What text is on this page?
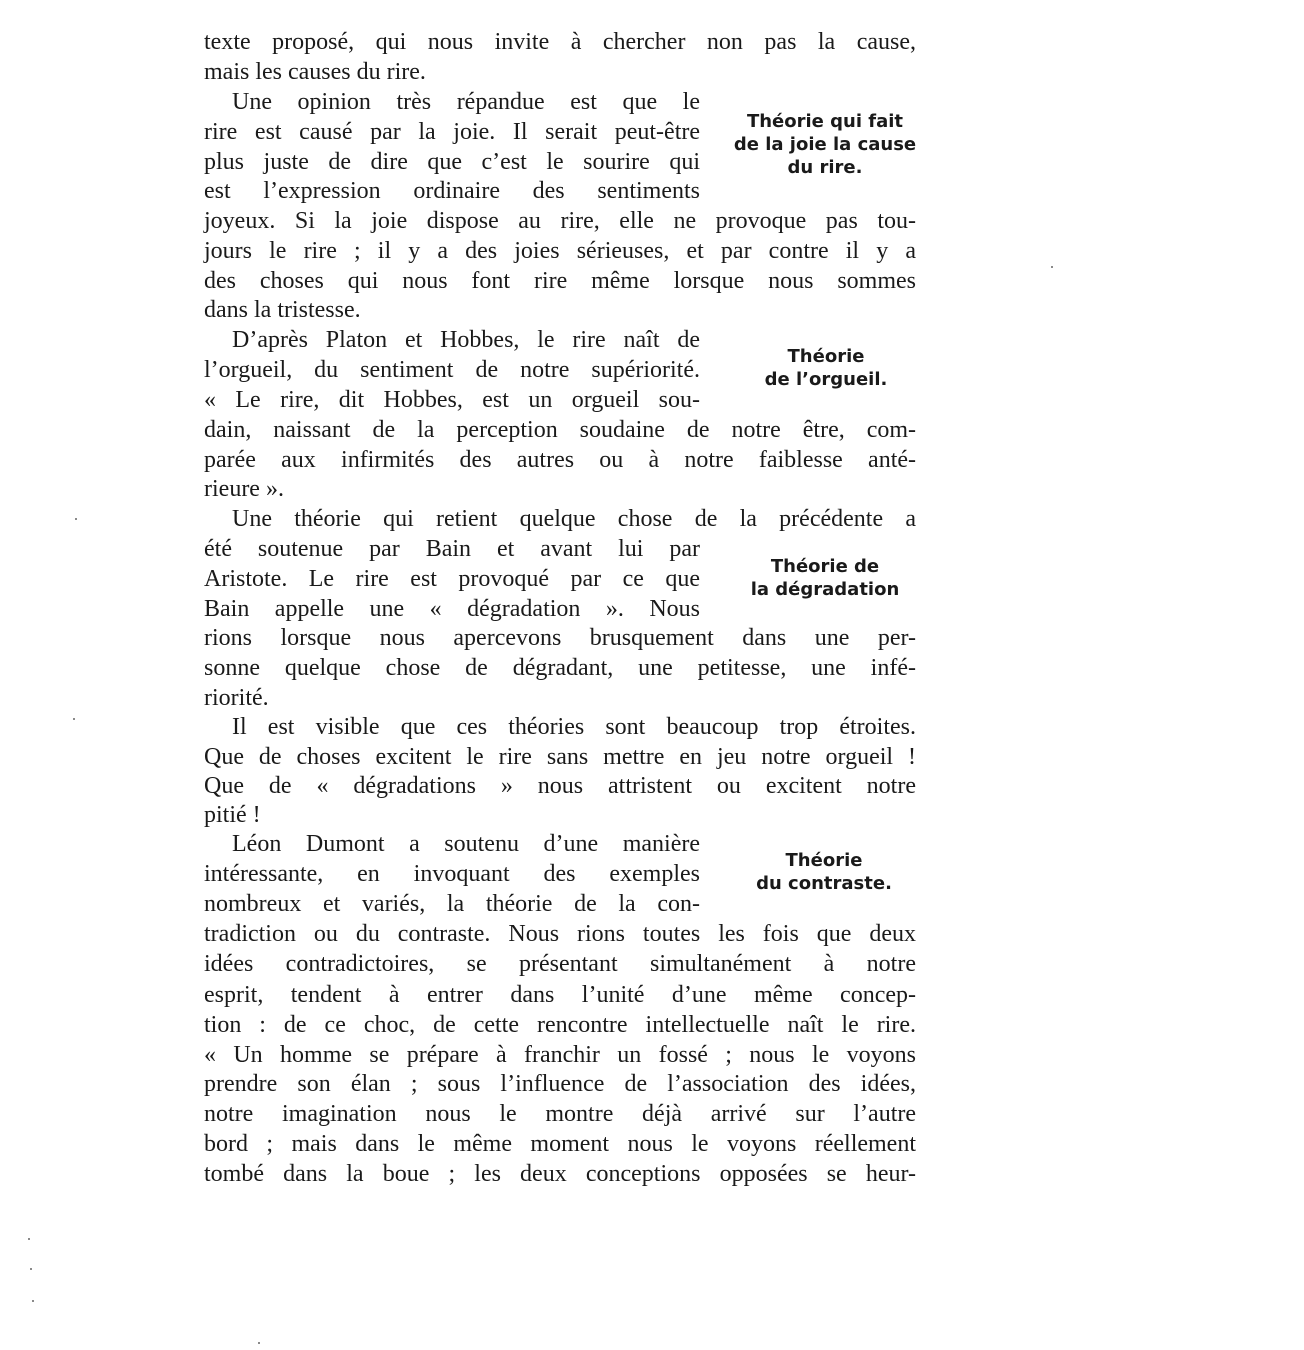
texte proposé, qui nous invite à chercher non pas la cause,
mais les causes du rire.
Une opinion très répandue est que le
rire est causé par la joie. Il serait peut-être
plus juste de dire que c’est le sourire qui
est l’expression ordinaire des sentiments
joyeux. Si la joie dispose au rire, elle ne provoque pas tou-
jours le rire ; il y a des joies sérieuses, et par contre il y a
des choses qui nous font rire même lorsque nous sommes
dans la tristesse.
D’après Platon et Hobbes, le rire naît de
l’orgueil, du sentiment de notre supériorité.
« Le rire, dit Hobbes, est un orgueil sou-
dain, naissant de la perception soudaine de notre être, com-
parée aux infirmités des autres ou à notre faiblesse anté-
rieure ».
Une théorie qui retient quelque chose de la précédente a
été soutenue par Bain et avant lui par
Aristote. Le rire est provoqué par ce que
Bain appelle une « dégradation ». Nous
rions lorsque nous apercevons brusquement dans une per-
sonne quelque chose de dégradant, une petitesse, une infé-
riorité.
Il est visible que ces théories sont beaucoup trop étroites.
Que de choses excitent le rire sans mettre en jeu notre orgueil !
Que de « dégradations » nous attristent ou excitent notre
pitié !
Léon Dumont a soutenu d’une manière
intéressante, en invoquant des exemples
nombreux et variés, la théorie de la con-
tradiction ou du contraste. Nous rions toutes les fois que deux
idées contradictoires, se présentant simultanément à notre
esprit, tendent à entrer dans l’unité d’une même concep-
tion : de ce choc, de cette rencontre intellectuelle naît le rire.
« Un homme se prépare à franchir un fossé ; nous le voyons
prendre son élan ; sous l’influence de l’association des idées,
notre imagination nous le montre déjà arrivé sur l’autre
bord ; mais dans le même moment nous le voyons réellement
tombé dans la boue ; les deux conceptions opposées se heur-
Théorie qui fait
de la joie la cause
du rire.
Théorie
de l’orgueil.
Théorie de
la dégradation
Théorie
du contraste.
